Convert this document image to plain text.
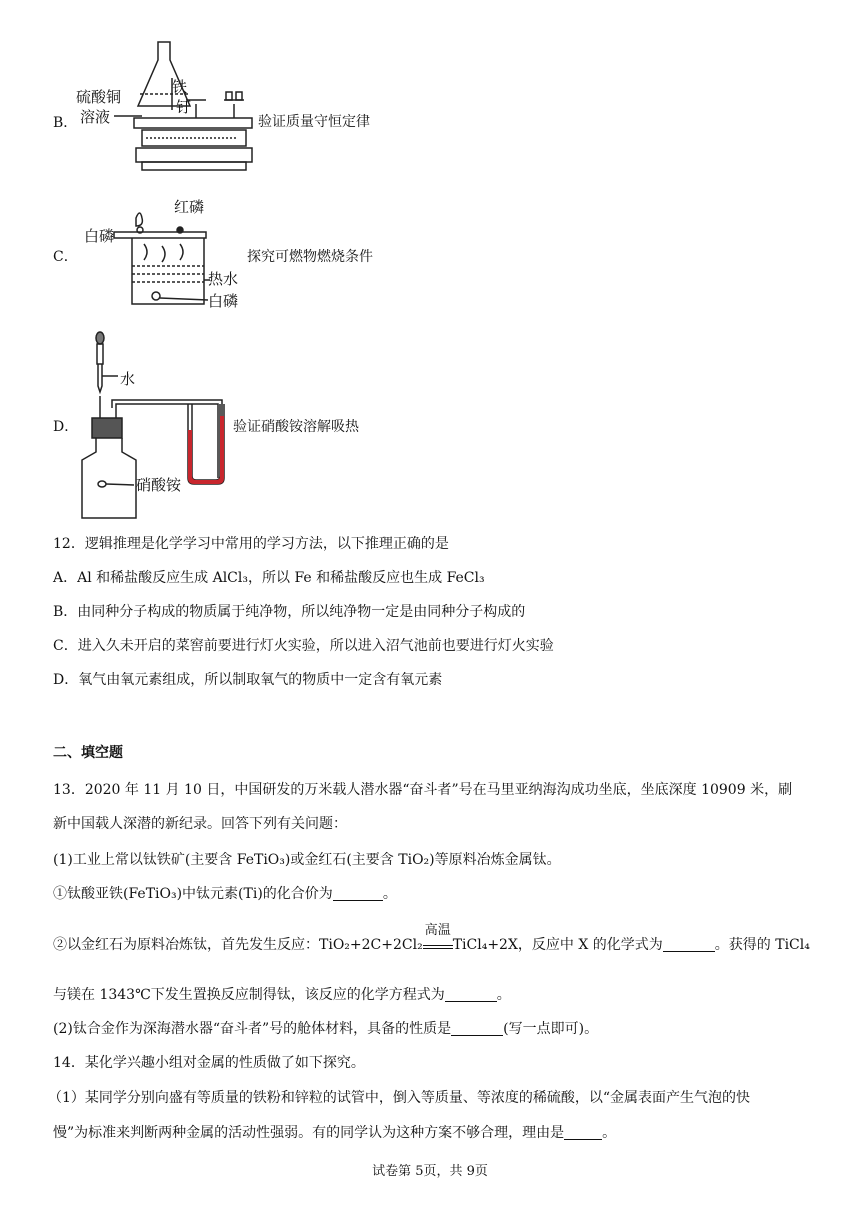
B．
硫酸铜
溶液
铁
钉
验证质量守恒定律
C．
红磷
白磷
热水
白磷
探究可燃物燃烧条件
D．
水
硝酸铵
验证硝酸铵溶解吸热
12．逻辑推理是化学学习中常用的学习方法，以下推理正确的是
A．Al 和稀盐酸反应生成 AlCl₃，所以 Fe 和稀盐酸反应也生成 FeCl₃
B．由同种分子构成的物质属于纯净物，所以纯净物一定是由同种分子构成的
C．进入久未开启的菜窖前要进行灯火实验，所以进入沼气池前也要进行灯火实验
D．氧气由氧元素组成，所以制取氧气的物质中一定含有氧元素
二、填空题
13．2020 年 11 月 10 日，中国研发的万米载人潜水器“奋斗者”号在马里亚纳海沟成功坐底，坐底深度 10909 米，刷
新中国载人深潜的新纪录。回答下列有关问题：
(1)工业上常以钛铁矿(主要含 FeTiO₃)或金红石(主要含 TiO₂)等原料冶炼金属钛。
①钛酸亚铁(FeTiO₃)中钛元素(Ti)的化合价为	。
②以金红石为原料冶炼钛，首先发生反应：TiO₂+2C+2Cl₂
高温
TiCl₄+2X，反应中 X 的化学式为	。获得的 TiCl₄
与镁在 1343℃下发生置换反应制得钛，该反应的化学方程式为	。
(2)钛合金作为深海潜水器“奋斗者”号的舱体材料，具备的性质是	(写一点即可)。
14．某化学兴趣小组对金属的性质做了如下探究。
（1）某同学分别向盛有等质量的铁粉和锌粒的试管中，倒入等质量、等浓度的稀硫酸，以“金属表面产生气泡的快
慢”为标准来判断两种金属的活动性强弱。有的同学认为这种方案不够合理，理由是	。
试卷第 5页，共 9页
